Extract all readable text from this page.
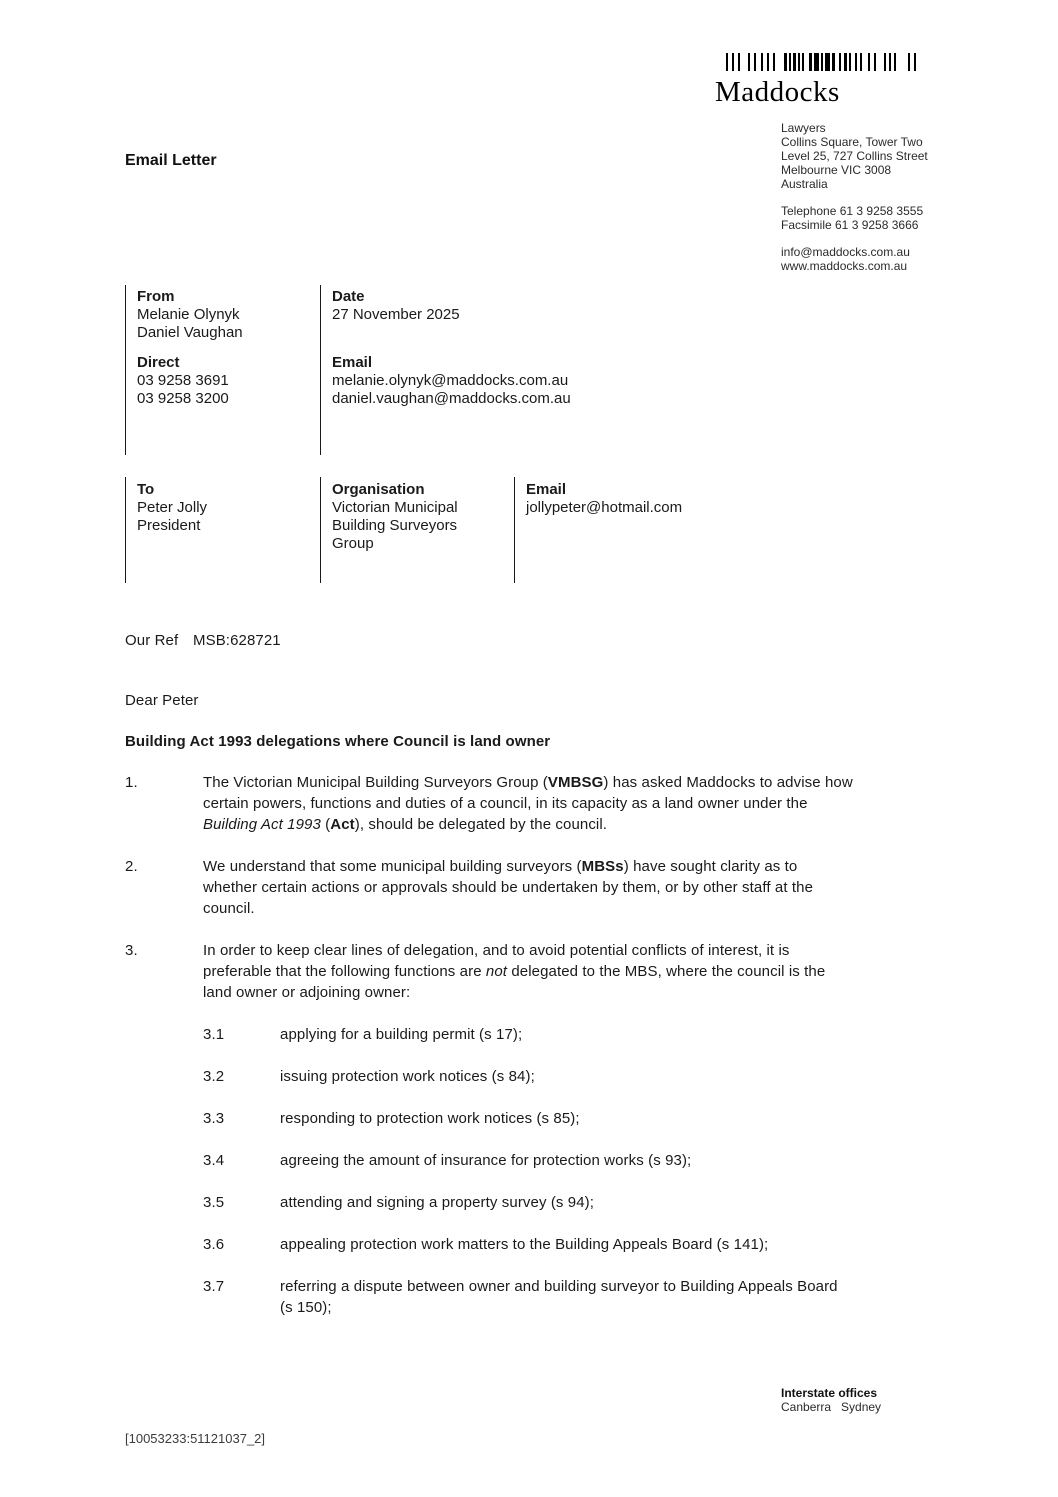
Maddocks
Lawyers
Collins Square, Tower Two
Level 25, 727 Collins Street
Melbourne VIC 3008
Australia
Telephone 61 3 9258 3555
Facsimile 61 3 9258 3666
info@maddocks.com.au
www.maddocks.com.au
Email Letter
From
Melanie Olynyk
Daniel Vaughan
Direct
03 9258 3691
03 9258 3200
Date
27 November 2025
Email
melanie.olynyk@maddocks.com.au
daniel.vaughan@maddocks.com.au
To
Peter Jolly
President
Organisation
Victorian Municipal
Building Surveyors
Group
Email
jollypeter@hotmail.com
Our Ref MSB:628721
Dear Peter
Building Act 1993 delegations where Council is land owner
1.	The Victorian Municipal Building Surveyors Group (VMBSG) has asked Maddocks to advise how certain powers, functions and duties of a council, in its capacity as a land owner under the Building Act 1993 (Act), should be delegated by the council.
2.	We understand that some municipal building surveyors (MBSs) have sought clarity as to whether certain actions or approvals should be undertaken by them, or by other staff at the council.
3.	In order to keep clear lines of delegation, and to avoid potential conflicts of interest, it is preferable that the following functions are not delegated to the MBS, where the council is the land owner or adjoining owner:
3.1	applying for a building permit (s 17);
3.2	issuing protection work notices (s 84);
3.3	responding to protection work notices (s 85);
3.4	agreeing the amount of insurance for protection works (s 93);
3.5	attending and signing a property survey (s 94);
3.6	appealing protection work matters to the Building Appeals Board (s 141);
3.7	referring a dispute between owner and building surveyor to Building Appeals Board (s 150);
Interstate offices
Canberra Sydney
[10053233:51121037_2]
